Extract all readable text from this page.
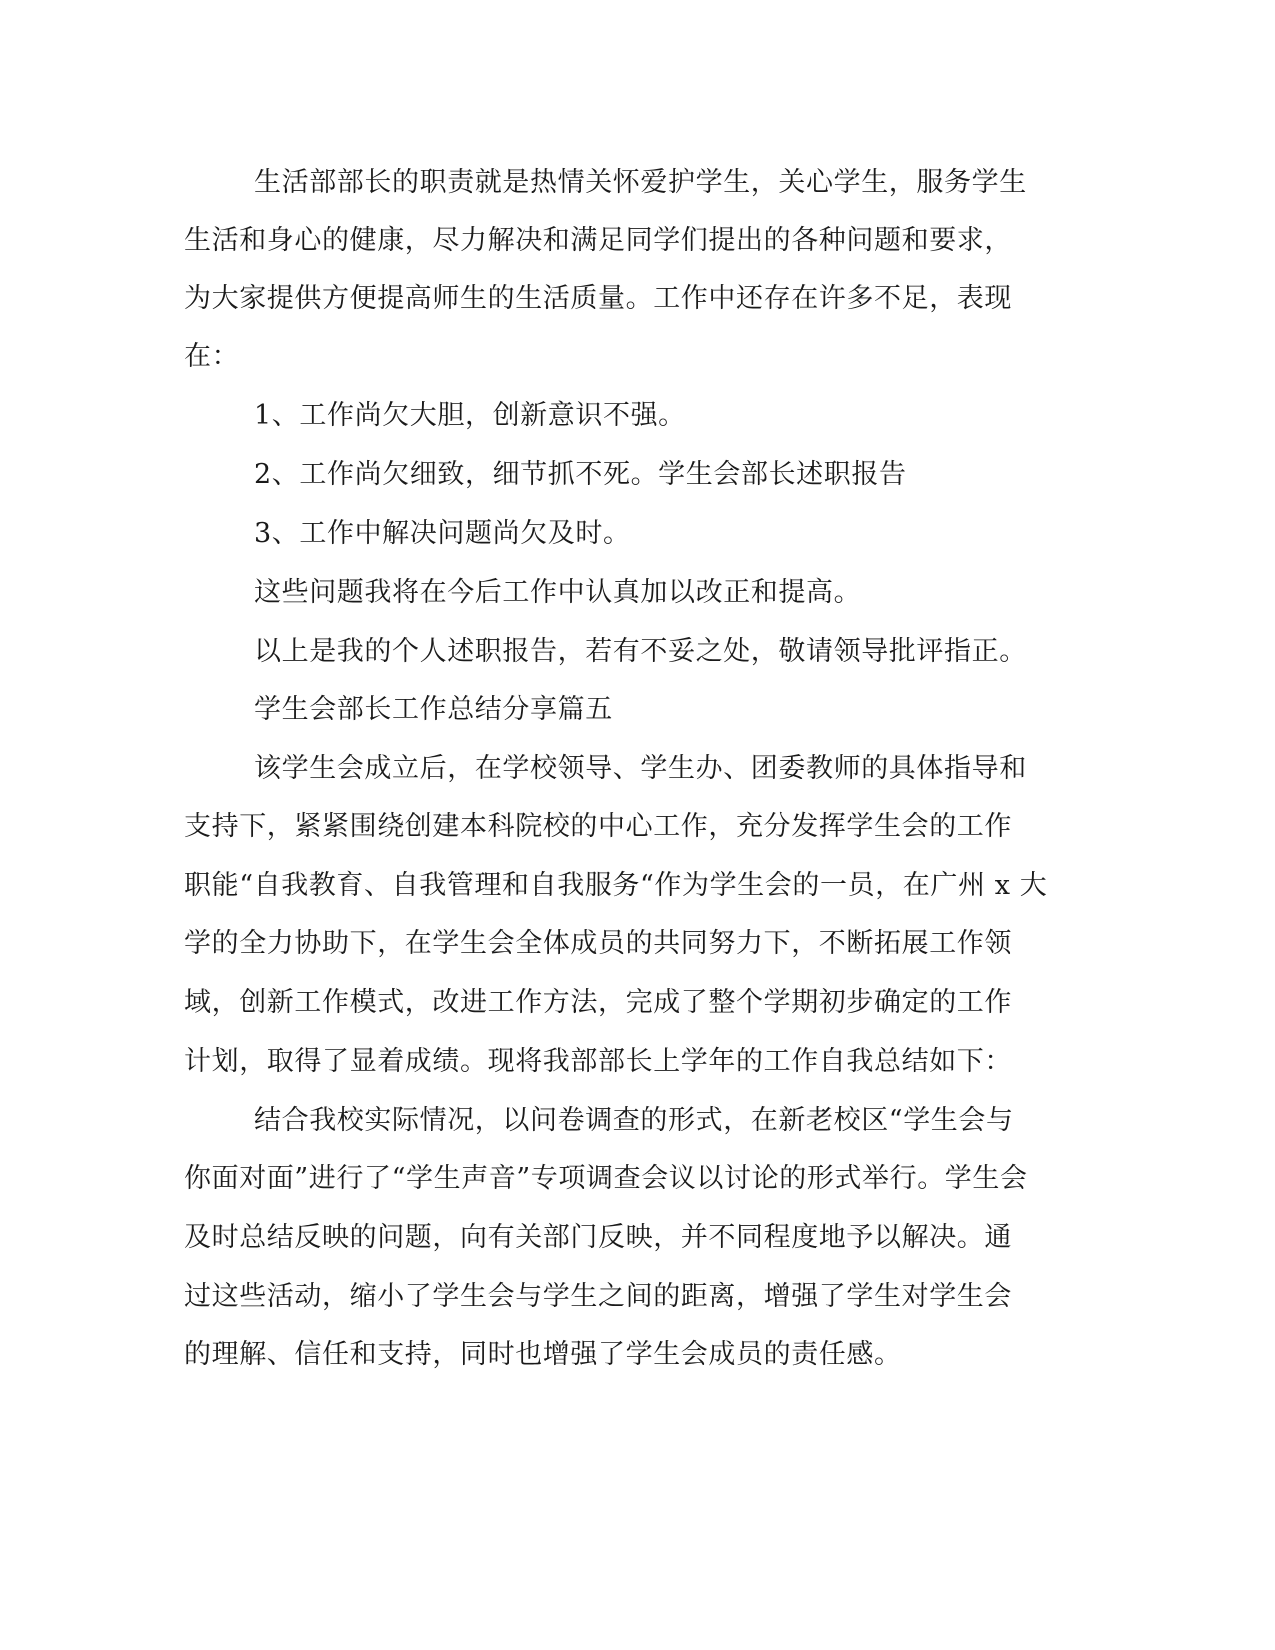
生活部部长的职责就是热情关怀爱护学生，关心学生，服务学生
生活和身心的健康，尽力解决和满足同学们提出的各种问题和要求，
为大家提供方便提高师生的生活质量。工作中还存在许多不足，表现
在：
1、工作尚欠大胆，创新意识不强。
2、工作尚欠细致，细节抓不死。学生会部长述职报告
3、工作中解决问题尚欠及时。
这些问题我将在今后工作中认真加以改正和提高。
以上是我的个人述职报告，若有不妥之处，敬请领导批评指正。
学生会部长工作总结分享篇五
该学生会成立后，在学校领导、学生办、团委教师的具体指导和
支持下，紧紧围绕创建本科院校的中心工作，充分发挥学生会的工作
职能“自我教育、自我管理和自我服务“作为学生会的一员，在广州 x 大
学的全力协助下，在学生会全体成员的共同努力下，不断拓展工作领
域，创新工作模式，改进工作方法，完成了整个学期初步确定的工作
计划，取得了显着成绩。现将我部部长上学年的工作自我总结如下：
结合我校实际情况，以问卷调查的形式，在新老校区“学生会与
你面对面”进行了“学生声音”专项调查会议以讨论的形式举行。学生会
及时总结反映的问题，向有关部门反映，并不同程度地予以解决。通
过这些活动，缩小了学生会与学生之间的距离，增强了学生对学生会
的理解、信任和支持，同时也增强了学生会成员的责任感。
